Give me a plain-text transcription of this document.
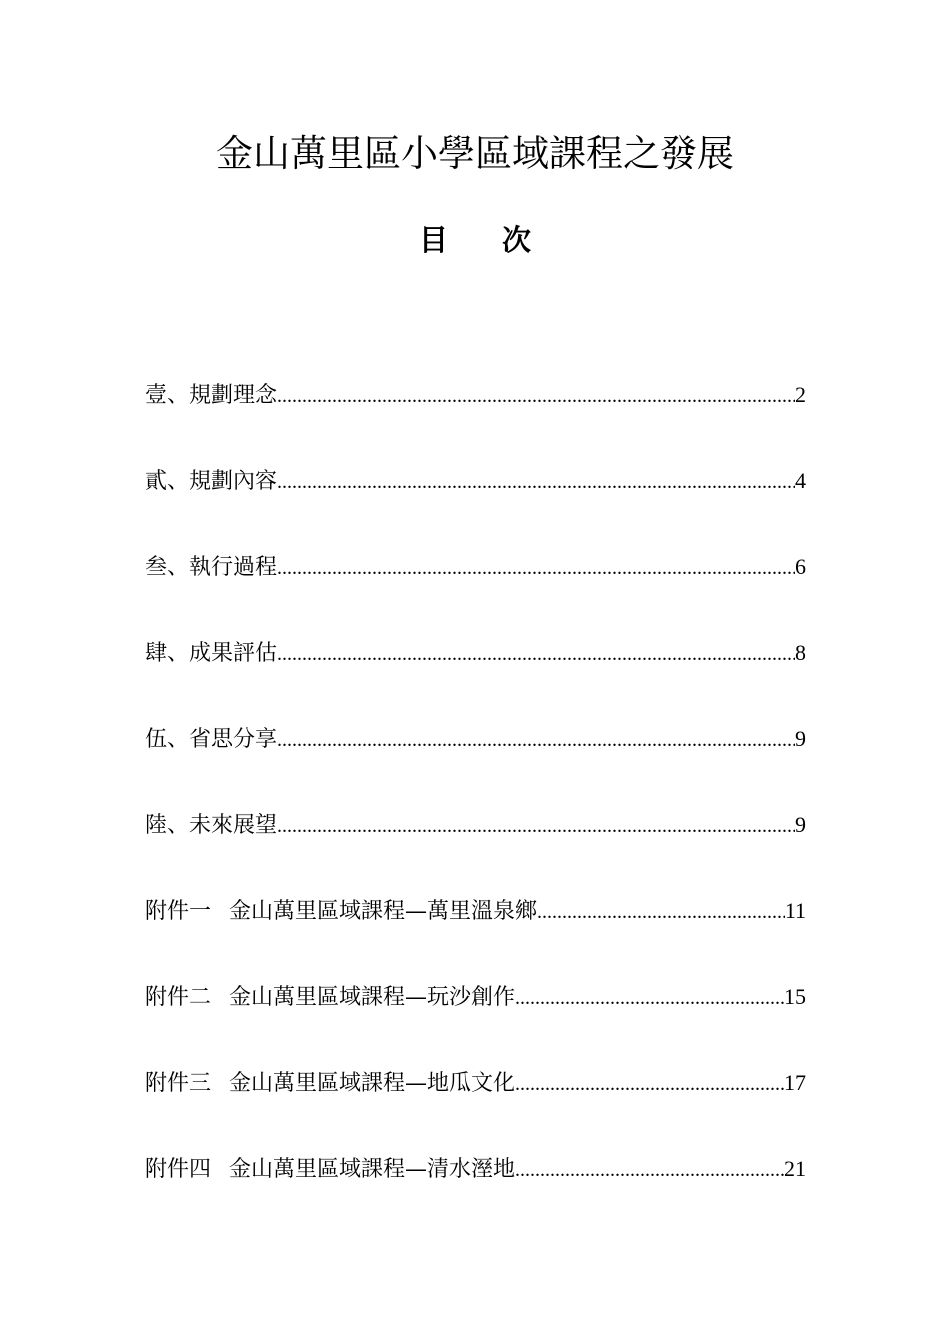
金山萬里區小學區域課程之發展
目 次
壹、規劃理念 .....	2
貳、規劃內容 .....	4
叁、執行過程 .....	6
肆、成果評估 .....	8
伍、省思分享 .....	9
陸、未來展望 .....	9
附件一 金山萬里區域課程—萬里溫泉鄉 .....	11
附件二 金山萬里區域課程—玩沙創作 .....	15
附件三 金山萬里區域課程—地瓜文化 .....	17
附件四 金山萬里區域課程—清水溼地 .....	21
